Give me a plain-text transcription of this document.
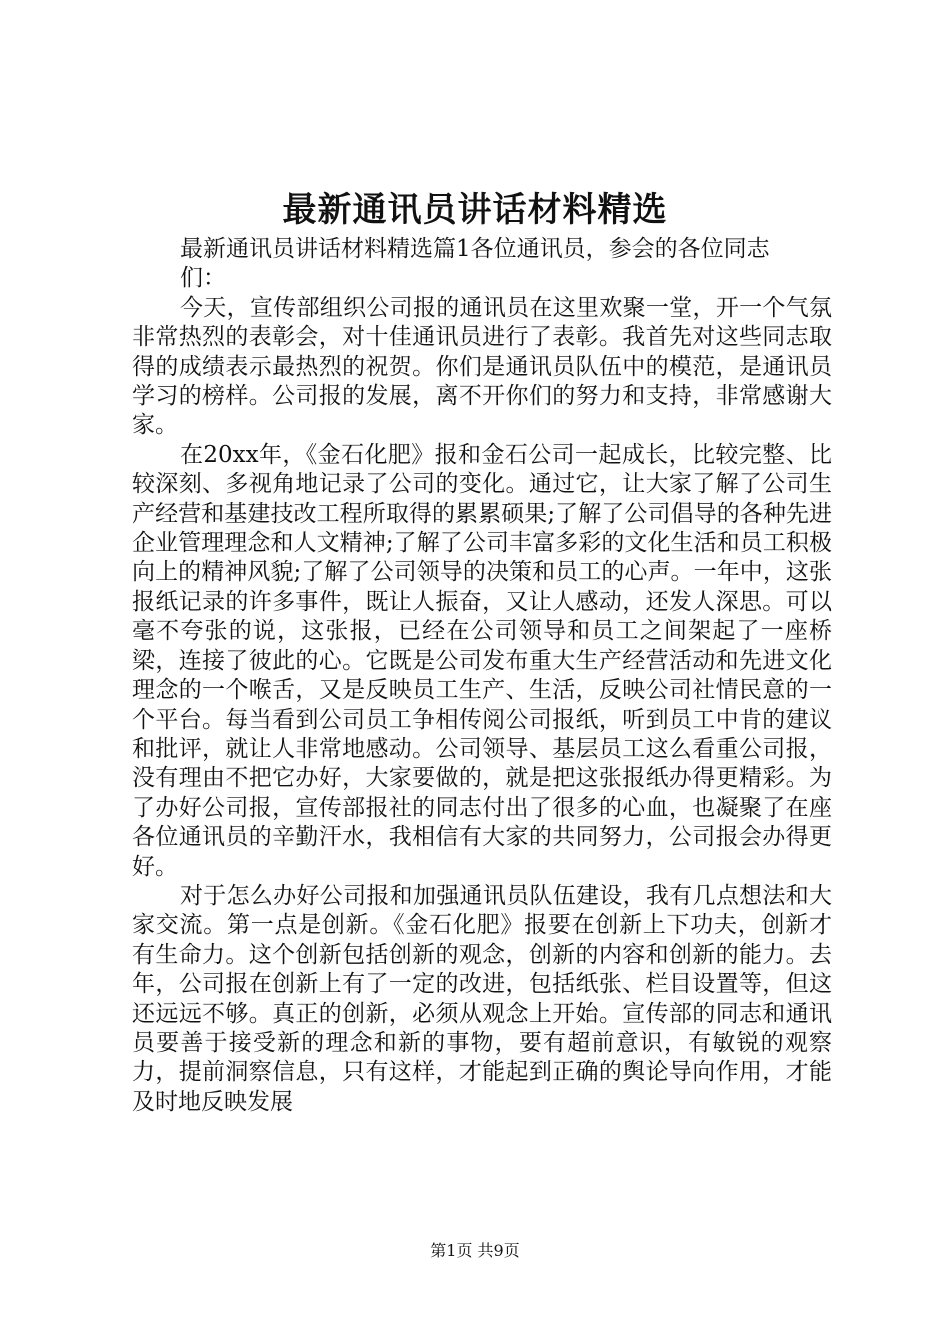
最新通讯员讲话材料精选

最新通讯员讲话材料精选篇1各位通讯员，参会的各位同志们：

今天，宣传部组织公司报的通讯员在这里欢聚一堂，开一个气氛非常热烈的表彰会，对十佳通讯员进行了表彰。我首先对这些同志取得的成绩表示最热烈的祝贺。你们是通讯员队伍中的模范，是通讯员学习的榜样。公司报的发展，离不开你们的努力和支持，非常感谢大家。

在20xx年，《金石化肥》报和金石公司一起成长，比较完整、比较深刻、多视角地记录了公司的变化。通过它，让大家了解了公司生产经营和基建技改工程所取得的累累硕果;了解了公司倡导的各种先进企业管理理念和人文精神;了解了公司丰富多彩的文化生活和员工积极向上的精神风貌;了解了公司领导的决策和员工的心声。一年中，这张报纸记录的许多事件，既让人振奋，又让人感动，还发人深思。可以毫不夸张的说，这张报，已经在公司领导和员工之间架起了一座桥梁，连接了彼此的心。它既是公司发布重大生产经营活动和先进文化理念的一个喉舌，又是反映员工生产、生活，反映公司社情民意的一个平台。每当看到公司员工争相传阅公司报纸，听到员工中肯的建议和批评，就让人非常地感动。公司领导、基层员工这么看重公司报，没有理由不把它办好，大家要做的，就是把这张报纸办得更精彩。为了办好公司报，宣传部报社的同志付出了很多的心血，也凝聚了在座各位通讯员的辛勤汗水，我相信有大家的共同努力，公司报会办得更好。

对于怎么办好公司报和加强通讯员队伍建设，我有几点想法和大家交流。第一点是创新。《金石化肥》报要在创新上下功夫，创新才有生命力。这个创新包括创新的观念，创新的内容和创新的能力。去年，公司报在创新上有了一定的改进，包括纸张、栏目设置等，但这还远远不够。真正的创新，必须从观念上开始。宣传部的同志和通讯员要善于接受新的理念和新的事物，要有超前意识，有敏锐的观察力，提前洞察信息，只有这样，才能起到正确的舆论导向作用，才能及时地反映发展

第1页 共9页
